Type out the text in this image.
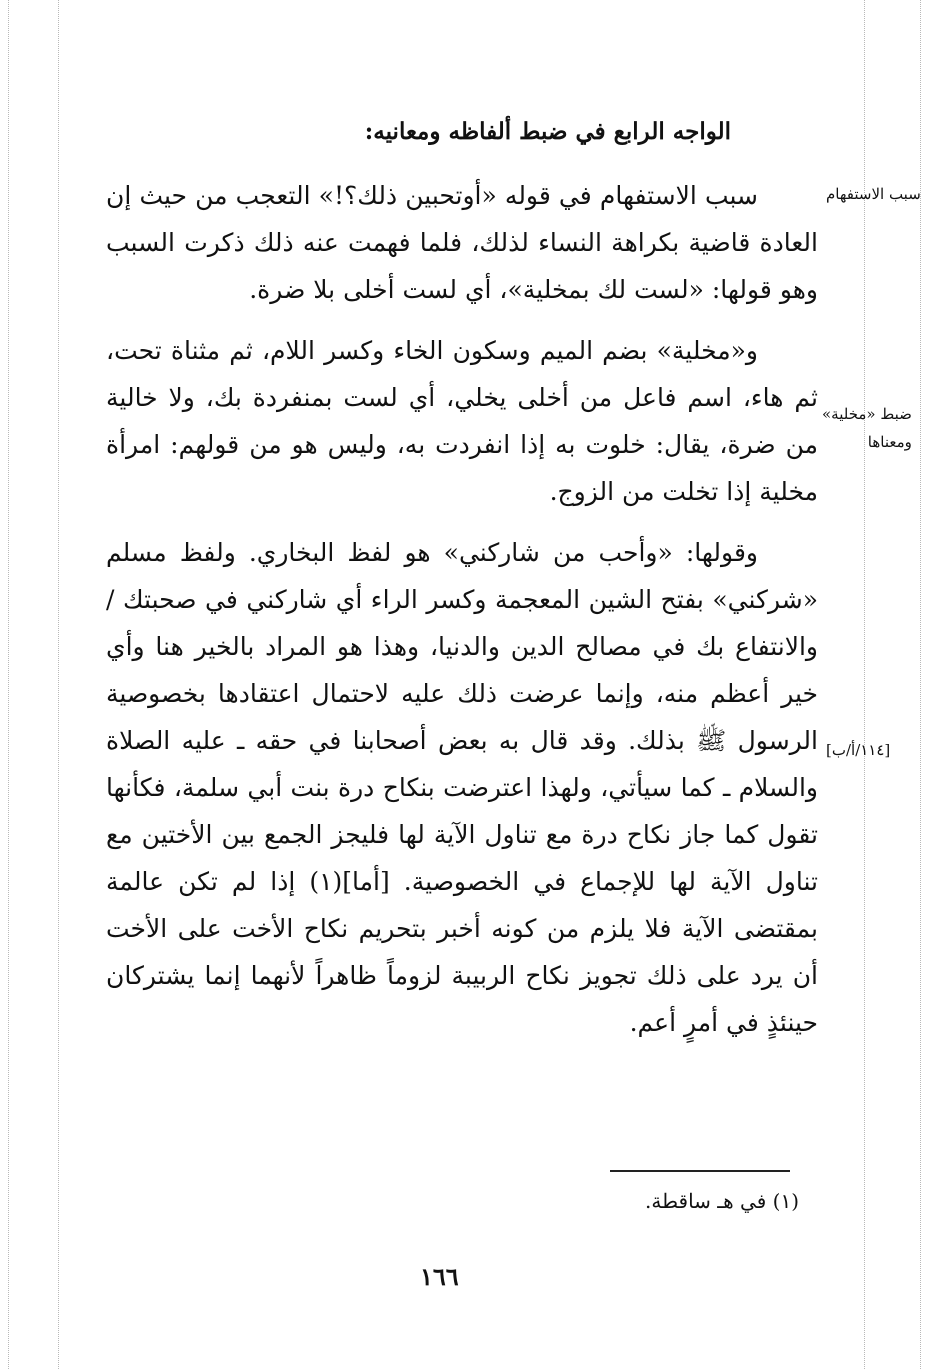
الواجه الرابع في ضبط ألفاظه ومعانيه:
سبب الاستفهام
ضبط «مخلية»
ومعناها
[١١٤/أ/ب]

سبب الاستفهام في قوله «أوتحبين ذلك؟!» التعجب من حيث إن العادة قاضية بكراهة النساء لذلك، فلما فهمت عنه ذلك ذكرت السبب وهو قولها: «لست لك بمخلية»، أي لست أخلى بلا ضرة.

و«مخلية» بضم الميم وسكون الخاء وكسر اللام، ثم مثناة تحت، ثم هاء، اسم فاعل من أخلى يخلي، أي لست بمنفردة بك، ولا خالية من ضرة، يقال: خلوت به إذا انفردت به، وليس هو من قولهم: امرأة مخلية إذا تخلت من الزوج.

وقولها: «وأحب من شاركني» هو لفظ البخاري. ولفظ مسلم «شركني» بفتح الشين المعجمة وكسر الراء أي شاركني في صحبتك / والانتفاع بك في مصالح الدين والدنيا، وهذا هو المراد بالخير هنا وأي خير أعظم منه، وإنما عرضت ذلك عليه لاحتمال اعتقادها بخصوصية الرسول ﷺ بذلك. وقد قال به بعض أصحابنا في حقه ـ عليه الصلاة والسلام ـ كما سيأتي، ولهذا اعترضت بنكاح درة بنت أبي سلمة، فكأنها تقول كما جاز نكاح درة مع تناول الآية لها فليجز الجمع بين الأختين مع تناول الآية لها للإجماع في الخصوصية. [أما](١) إذا لم تكن عالمة بمقتضى الآية فلا يلزم من كونه أخبر بتحريم نكاح الأخت على الأخت أن يرد على ذلك تجويز نكاح الربيبة لزوماً ظاهراً لأنهما إنما يشتركان حينئذٍ في أمرٍ أعم.

(١) في هـ ساقطة.
١٦٦
